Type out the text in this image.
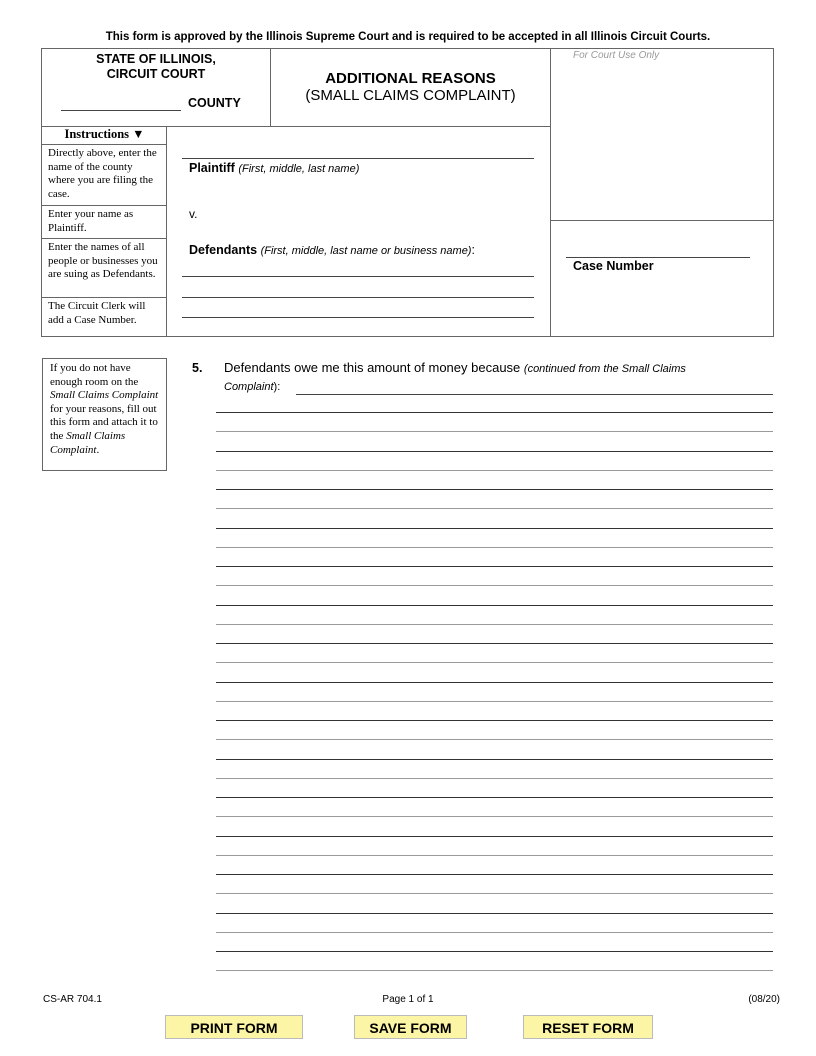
This form is approved by the Illinois Supreme Court and is required to be accepted in all Illinois Circuit Courts.
STATE OF ILLINOIS,
CIRCUIT COURT
COUNTY
ADDITIONAL REASONS
(SMALL CLAIMS COMPLAINT)
For Court Use Only
Case Number
Instructions ▼
Directly above, enter the name of the county where you are filing the case.
Enter your name as Plaintiff.
Enter the names of all people or businesses you are suing as Defendants.
The Circuit Clerk will add a Case Number.
Plaintiff (First, middle, last name)
v.
Defendants (First, middle, last name or business name):
If you do not have enough room on the Small Claims Complaint for your reasons, fill out this form and attach it to the Small Claims Complaint.
5. Defendants owe me this amount of money because (continued from the Small Claims
Complaint):
CS-AR 704.1	Page 1 of 1	(08/20)
PRINT FORM	SAVE FORM	RESET FORM
